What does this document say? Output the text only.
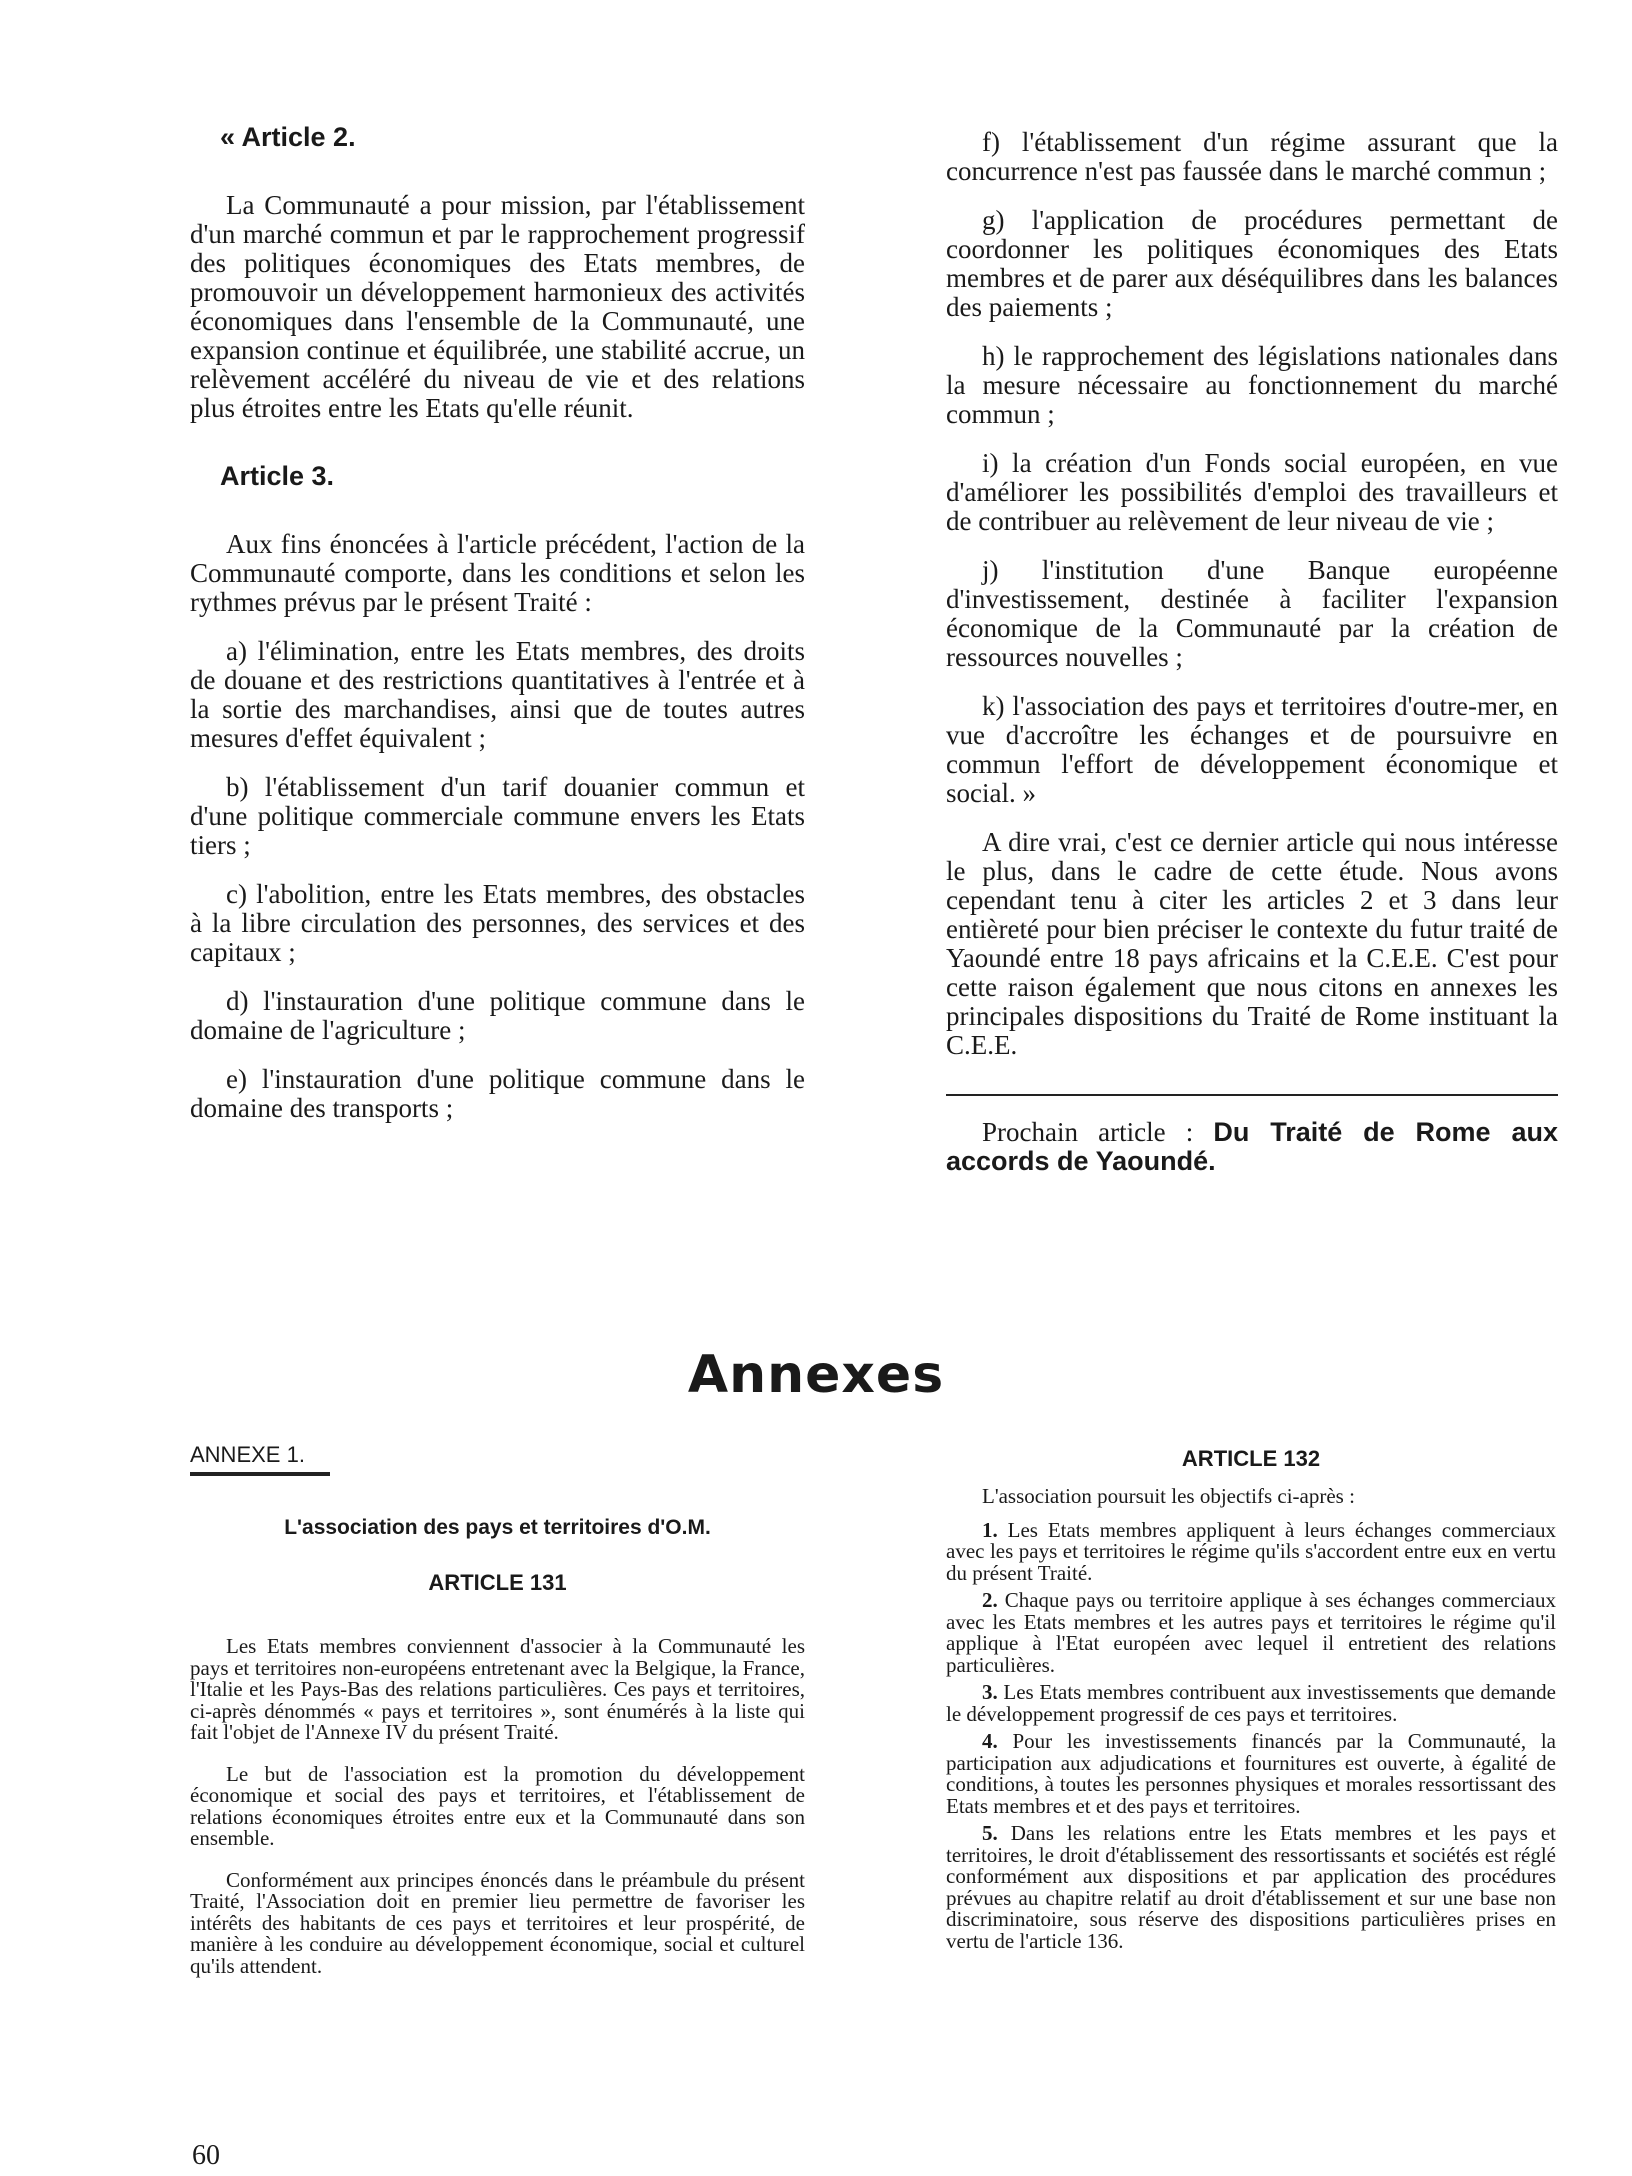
« Article 2.

La Communauté a pour mission, par l'établissement d'un marché commun et par le rapprochement progressif des politiques économiques des Etats membres, de promouvoir un développement harmonieux des activités économiques dans l'ensemble de la Communauté, une expansion continue et équilibrée, une stabilité accrue, un relèvement accéléré du niveau de vie et des relations plus étroites entre les Etats qu'elle réunit.

Article 3.

Aux fins énoncées à l'article précédent, l'action de la Communauté comporte, dans les conditions et selon les rythmes prévus par le présent Traité :

a) l'élimination, entre les Etats membres, des droits de douane et des restrictions quantitatives à l'entrée et à la sortie des marchandises, ainsi que de toutes autres mesures d'effet équivalent ;

b) l'établissement d'un tarif douanier commun et d'une politique commerciale commune envers les Etats tiers ;

c) l'abolition, entre les Etats membres, des obstacles à la libre circulation des personnes, des services et des capitaux ;

d) l'instauration d'une politique commune dans le domaine de l'agriculture ;

e) l'instauration d'une politique commune dans le domaine des transports ;

f) l'établissement d'un régime assurant que la concurrence n'est pas faussée dans le marché commun ;

g) l'application de procédures permettant de coordonner les politiques économiques des Etats membres et de parer aux déséquilibres dans les balances des paiements ;

h) le rapprochement des législations nationales dans la mesure nécessaire au fonctionnement du marché commun ;

i) la création d'un Fonds social européen, en vue d'améliorer les possibilités d'emploi des travailleurs et de contribuer au relèvement de leur niveau de vie ;

j) l'institution d'une Banque européenne d'investissement, destinée à faciliter l'expansion économique de la Communauté par la création de ressources nouvelles ;

k) l'association des pays et territoires d'outre-mer, en vue d'accroître les échanges et de poursuivre en commun l'effort de développement économique et social. »

A dire vrai, c'est ce dernier article qui nous intéresse le plus, dans le cadre de cette étude. Nous avons cependant tenu à citer les articles 2 et 3 dans leur entièreté pour bien préciser le contexte du futur traité de Yaoundé entre 18 pays africains et la C.E.E. C'est pour cette raison également que nous citons en annexes les principales dispositions du Traité de Rome instituant la C.E.E.

Prochain article : Du Traité de Rome aux accords de Yaoundé.

Annexes
ANNEXE 1.
L'association des pays et territoires d'O.M.
ARTICLE 131

Les Etats membres conviennent d'associer à la Communauté les pays et territoires non-européens entretenant avec la Belgique, la France, l'Italie et les Pays-Bas des relations particulières. Ces pays et territoires, ci-après dénommés « pays et territoires », sont énumérés à la liste qui fait l'objet de l'Annexe IV du présent Traité.

Le but de l'association est la promotion du développement économique et social des pays et territoires, et l'établissement de relations économiques étroites entre eux et la Communauté dans son ensemble.

Conformément aux principes énoncés dans le préambule du présent Traité, l'Association doit en premier lieu permettre de favoriser les intérêts des habitants de ces pays et territoires et leur prospérité, de manière à les conduire au développement économique, social et culturel qu'ils attendent.

ARTICLE 132

L'association poursuit les objectifs ci-après :

1. Les Etats membres appliquent à leurs échanges commerciaux avec les pays et territoires le régime qu'ils s'accordent entre eux en vertu du présent Traité.

2. Chaque pays ou territoire applique à ses échanges commerciaux avec les Etats membres et les autres pays et territoires le régime qu'il applique à l'Etat européen avec lequel il entretient des relations particulières.

3. Les Etats membres contribuent aux investissements que demande le développement progressif de ces pays et territoires.

4. Pour les investissements financés par la Communauté, la participation aux adjudications et fournitures est ouverte, à égalité de conditions, à toutes les personnes physiques et morales ressortissant des Etats membres et et des pays et territoires.

5. Dans les relations entre les Etats membres et les pays et territoires, le droit d'établissement des ressortissants et sociétés est réglé conformément aux dispositions et par application des procédures prévues au chapitre relatif au droit d'établissement et sur une base non discriminatoire, sous réserve des dispositions particulières prises en vertu de l'article 136.

60
